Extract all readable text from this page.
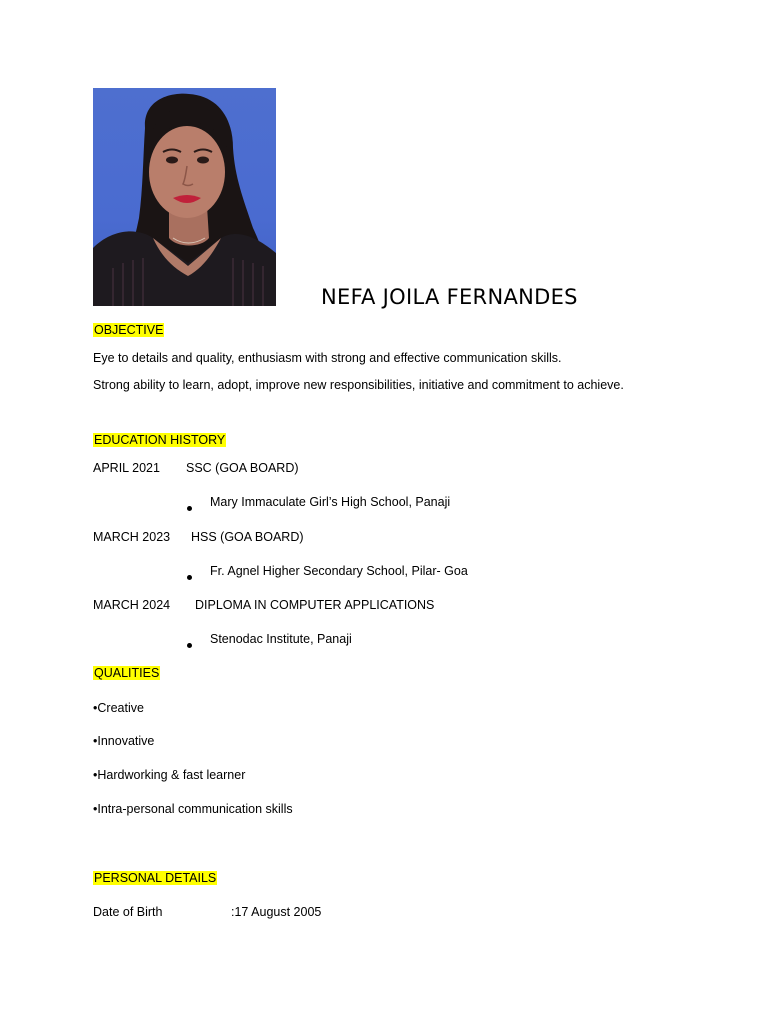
NEFA JOILA FERNANDES
OBJECTIVE
Eye to details and quality, enthusiasm with strong and effective communication skills.
Strong ability to learn, adopt, improve new responsibilities, initiative and commitment to achieve.
EDUCATION HISTORY
APRIL 2021 SSC (GOA BOARD)
Mary Immaculate Girl’s High School, Panaji
MARCH 2023 HSS (GOA BOARD)
Fr. Agnel Higher Secondary School, Pilar- Goa
MARCH 2024 DIPLOMA IN COMPUTER APPLICATIONS
Stenodac Institute, Panaji
QUALITIES
•Creative
•Innovative
•Hardworking & fast learner
•Intra-personal communication skills
PERSONAL DETAILS
Date of Birth	:17 August 2005
